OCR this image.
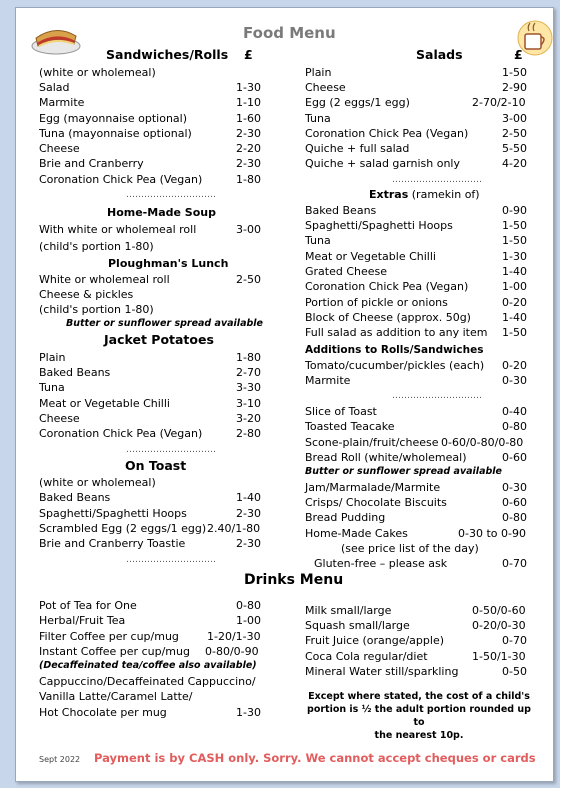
Food Menu
Sandwiches/Rolls £
(white or wholemeal)
Salad	1-30
Marmite	1-10
Egg (mayonnaise optional)	1-60
Tuna (mayonnaise optional)	2-30
Cheese	2-20
Brie and Cranberry	2-30
Coronation Chick Pea (Vegan)	1-80
…………………………
Home-Made Soup
With white or wholemeal roll	3-00
(child's portion 1-80)
Ploughman's Lunch
White or wholemeal roll	2-50
Cheese & pickles
(child's portion 1-80)
Butter or sunflower spread available
Jacket Potatoes
Plain	1-80
Baked Beans	2-70
Tuna	3-30
Meat or Vegetable Chilli	3-10
Cheese	3-20
Coronation Chick Pea (Vegan)	2-80
…………………………
On Toast
(white or wholemeal)
Baked Beans	1-40
Spaghetti/Spaghetti Hoops	2-30
Scrambled Egg (2 eggs/1 egg) 2.40/1-80
Brie and Cranberry Toastie	2-30
…………………………
Salads	£
Plain	1-50
Cheese	2-90
Egg (2 eggs/1 egg)	2-70/2-10
Tuna	3-00
Coronation Chick Pea (Vegan)	2-50
Quiche + full salad	5-50
Quiche + salad garnish only	4-20
…………………………
Extras (ramekin of)
Baked Beans	0-90
Spaghetti/Spaghetti Hoops	1-50
Tuna	1-50
Meat or Vegetable Chilli	1-30
Grated Cheese	1-40
Coronation Chick Pea (Vegan)	1-00
Portion of pickle or onions	0-20
Block of Cheese (approx. 50g)	1-40
Full salad as addition to any item 1-50
Additions to Rolls/Sandwiches
Tomato/cucumber/pickles (each) 0-20
Marmite	0-30
…………………………
Slice of Toast	0-40
Toasted Teacake	0-80
Scone-plain/fruit/cheese 0-60/0-80/0-80
Bread Roll (white/wholemeal)	0-60
Butter or sunflower spread available
Jam/Marmalade/Marmite	0-30
Crisps/ Chocolate Biscuits	0-60
Bread Pudding	0-80
Home-Made Cakes	0-30 to 0-90
(see price list of the day)
Gluten-free – please ask	0-70
Drinks Menu
Pot of Tea for One	0-80
Herbal/Fruit Tea	1-00
Filter Coffee per cup/mug	1-20/1-30
Instant Coffee per cup/mug 0-80/0-90
(Decaffeinated tea/coffee also available)
Cappuccino/Decaffeinated Cappuccino/
Vanilla Latte/Caramel Latte/
Hot Chocolate per mug	1-30
Milk small/large	0-50/0-60
Squash small/large	0-20/0-30
Fruit Juice (orange/apple)	0-70
Coca Cola regular/diet	1-50/1-30
Mineral Water still/sparkling	0-50
Except where stated, the cost of a child's
portion is ½ the adult portion rounded up to
the nearest 10p.
Sept 2022 Payment is by CASH only. Sorry. We cannot accept cheques or cards
